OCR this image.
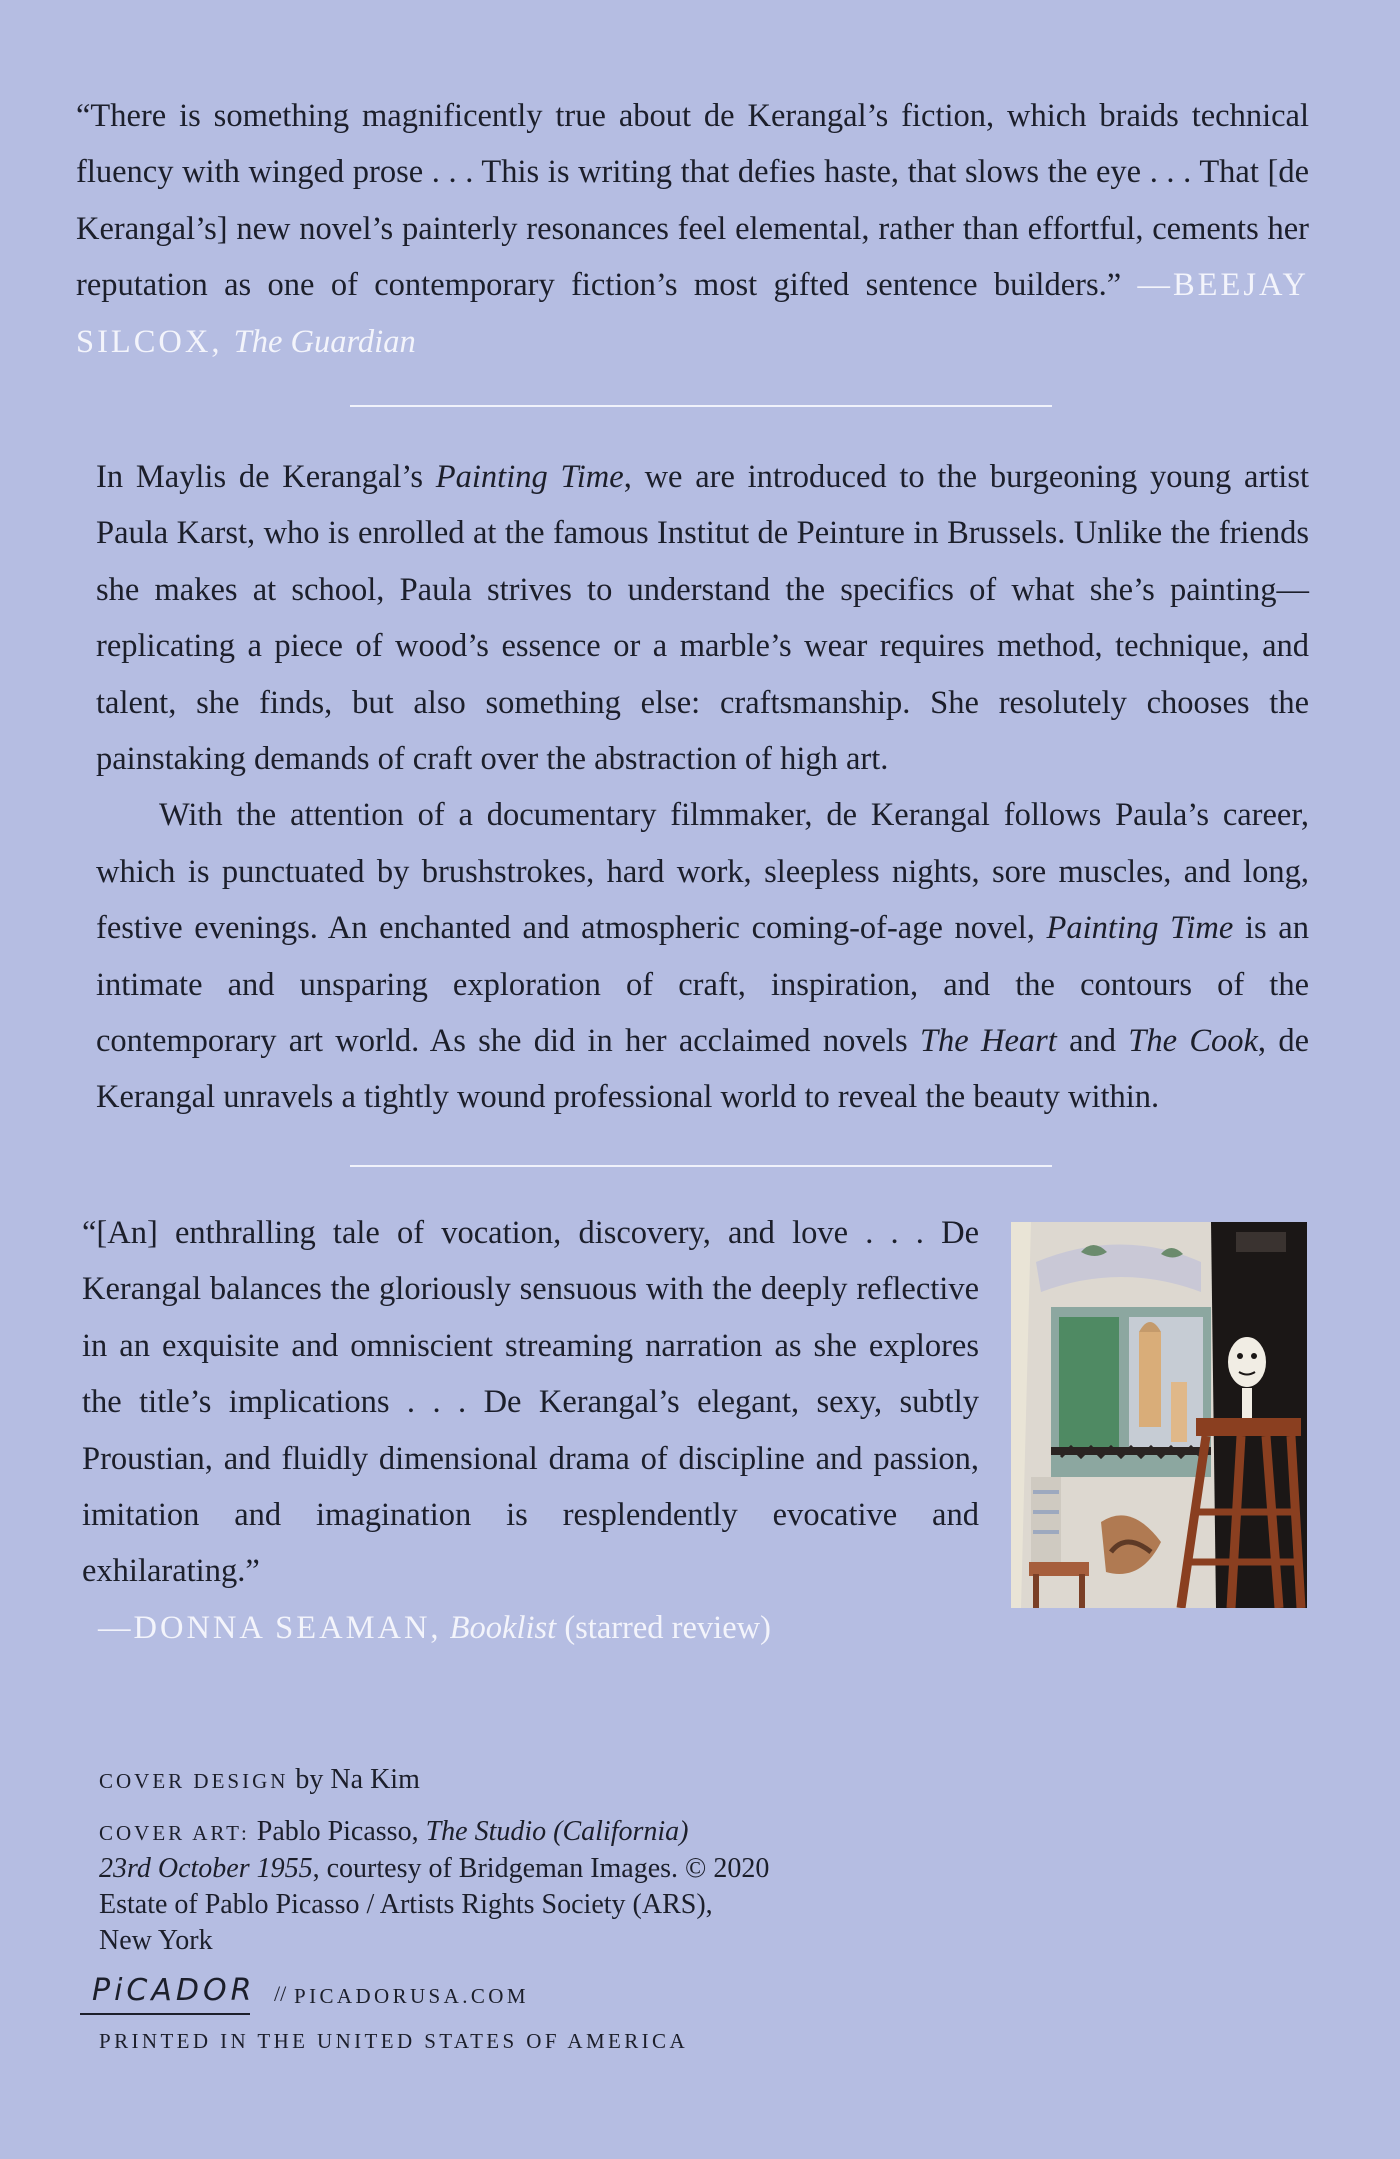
“There is something magnificently true about de Kerangal’s fiction, which braids technical fluency with winged prose . . . This is writing that defies haste, that slows the eye . . . That [de Kerangal’s] new novel’s painterly resonances feel elemental, rather than effortful, cements her reputation as one of contemporary fiction’s most gifted sentence builders.” —BEEJAY SILCOX, The Guardian

In Maylis de Kerangal’s Painting Time, we are introduced to the burgeoning young artist Paula Karst, who is enrolled at the famous Institut de Peinture in Brussels. Unlike the friends she makes at school, Paula strives to understand the specifics of what she’s painting—replicating a piece of wood’s essence or a marble’s wear requires method, technique, and talent, she finds, but also something else: craftsmanship. She resolutely chooses the painstaking demands of craft over the abstraction of high art.

With the attention of a documentary filmmaker, de Kerangal follows Paula’s career, which is punctuated by brushstrokes, hard work, sleepless nights, sore muscles, and long, festive evenings. An enchanted and atmospheric coming-of-age novel, Painting Time is an intimate and unsparing exploration of craft, inspiration, and the contours of the contemporary art world. As she did in her acclaimed novels The Heart and The Cook, de Kerangal unravels a tightly wound professional world to reveal the beauty within.

“[An] enthralling tale of vocation, discovery, and love . . . De Kerangal balances the gloriously sensuous with the deeply reflective in an exquisite and omniscient streaming narration as she explores the title’s implications . . . De Kerangal’s elegant, sexy, subtly Proustian, and fluidly dimensional drama of discipline and passion, imitation and imagination is resplendently evocative and exhilarating.”

—DONNA SEAMAN, Booklist (starred review)

COVER DESIGN by Na Kim
COVER ART: Pablo Picasso, The Studio (California)
23rd October 1955, courtesy of Bridgeman Images. © 2020
Estate of Pablo Picasso / Artists Rights Society (ARS),
New York
PiCADOR // PICADORUSA.COM
PRINTED IN THE UNITED STATES OF AMERICA
